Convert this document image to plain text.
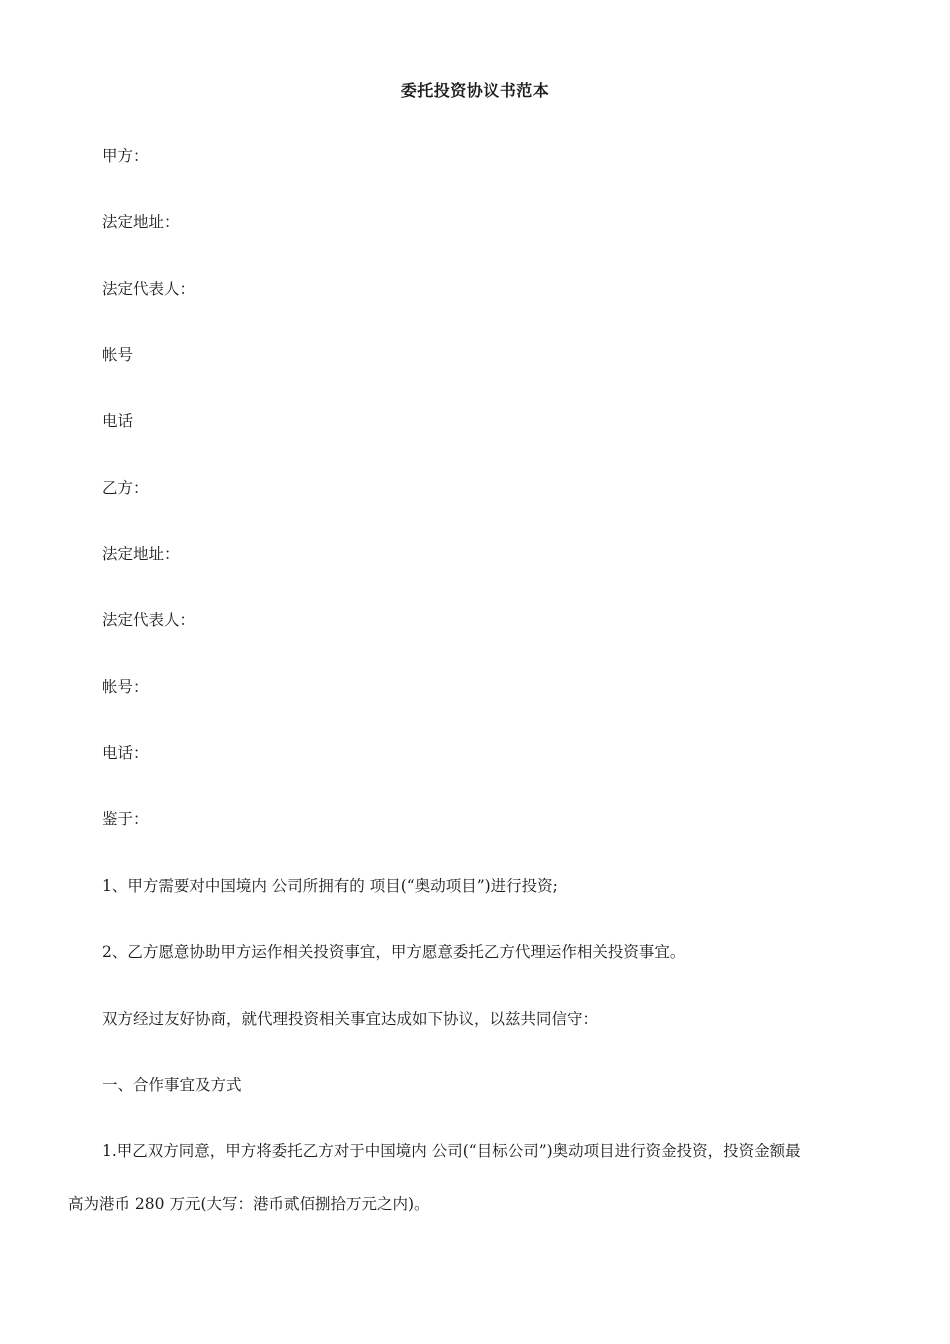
委托投资协议书范本
甲方：
法定地址：
法定代表人：
帐号
电话
乙方：
法定地址：
法定代表人：
帐号：
电话：
鉴于：
1、甲方需要对中国境内 公司所拥有的 项目(“奥动项目”)进行投资;
2、乙方愿意协助甲方运作相关投资事宜，甲方愿意委托乙方代理运作相关投资事宜。
双方经过友好协商，就代理投资相关事宜达成如下协议，以兹共同信守：
一、合作事宜及方式
1.甲乙双方同意，甲方将委托乙方对于中国境内 公司(“目标公司”)奥动项目进行资金投资，投资金额最
高为港币 280 万元(大写：港币贰佰捌拾万元之内)。
